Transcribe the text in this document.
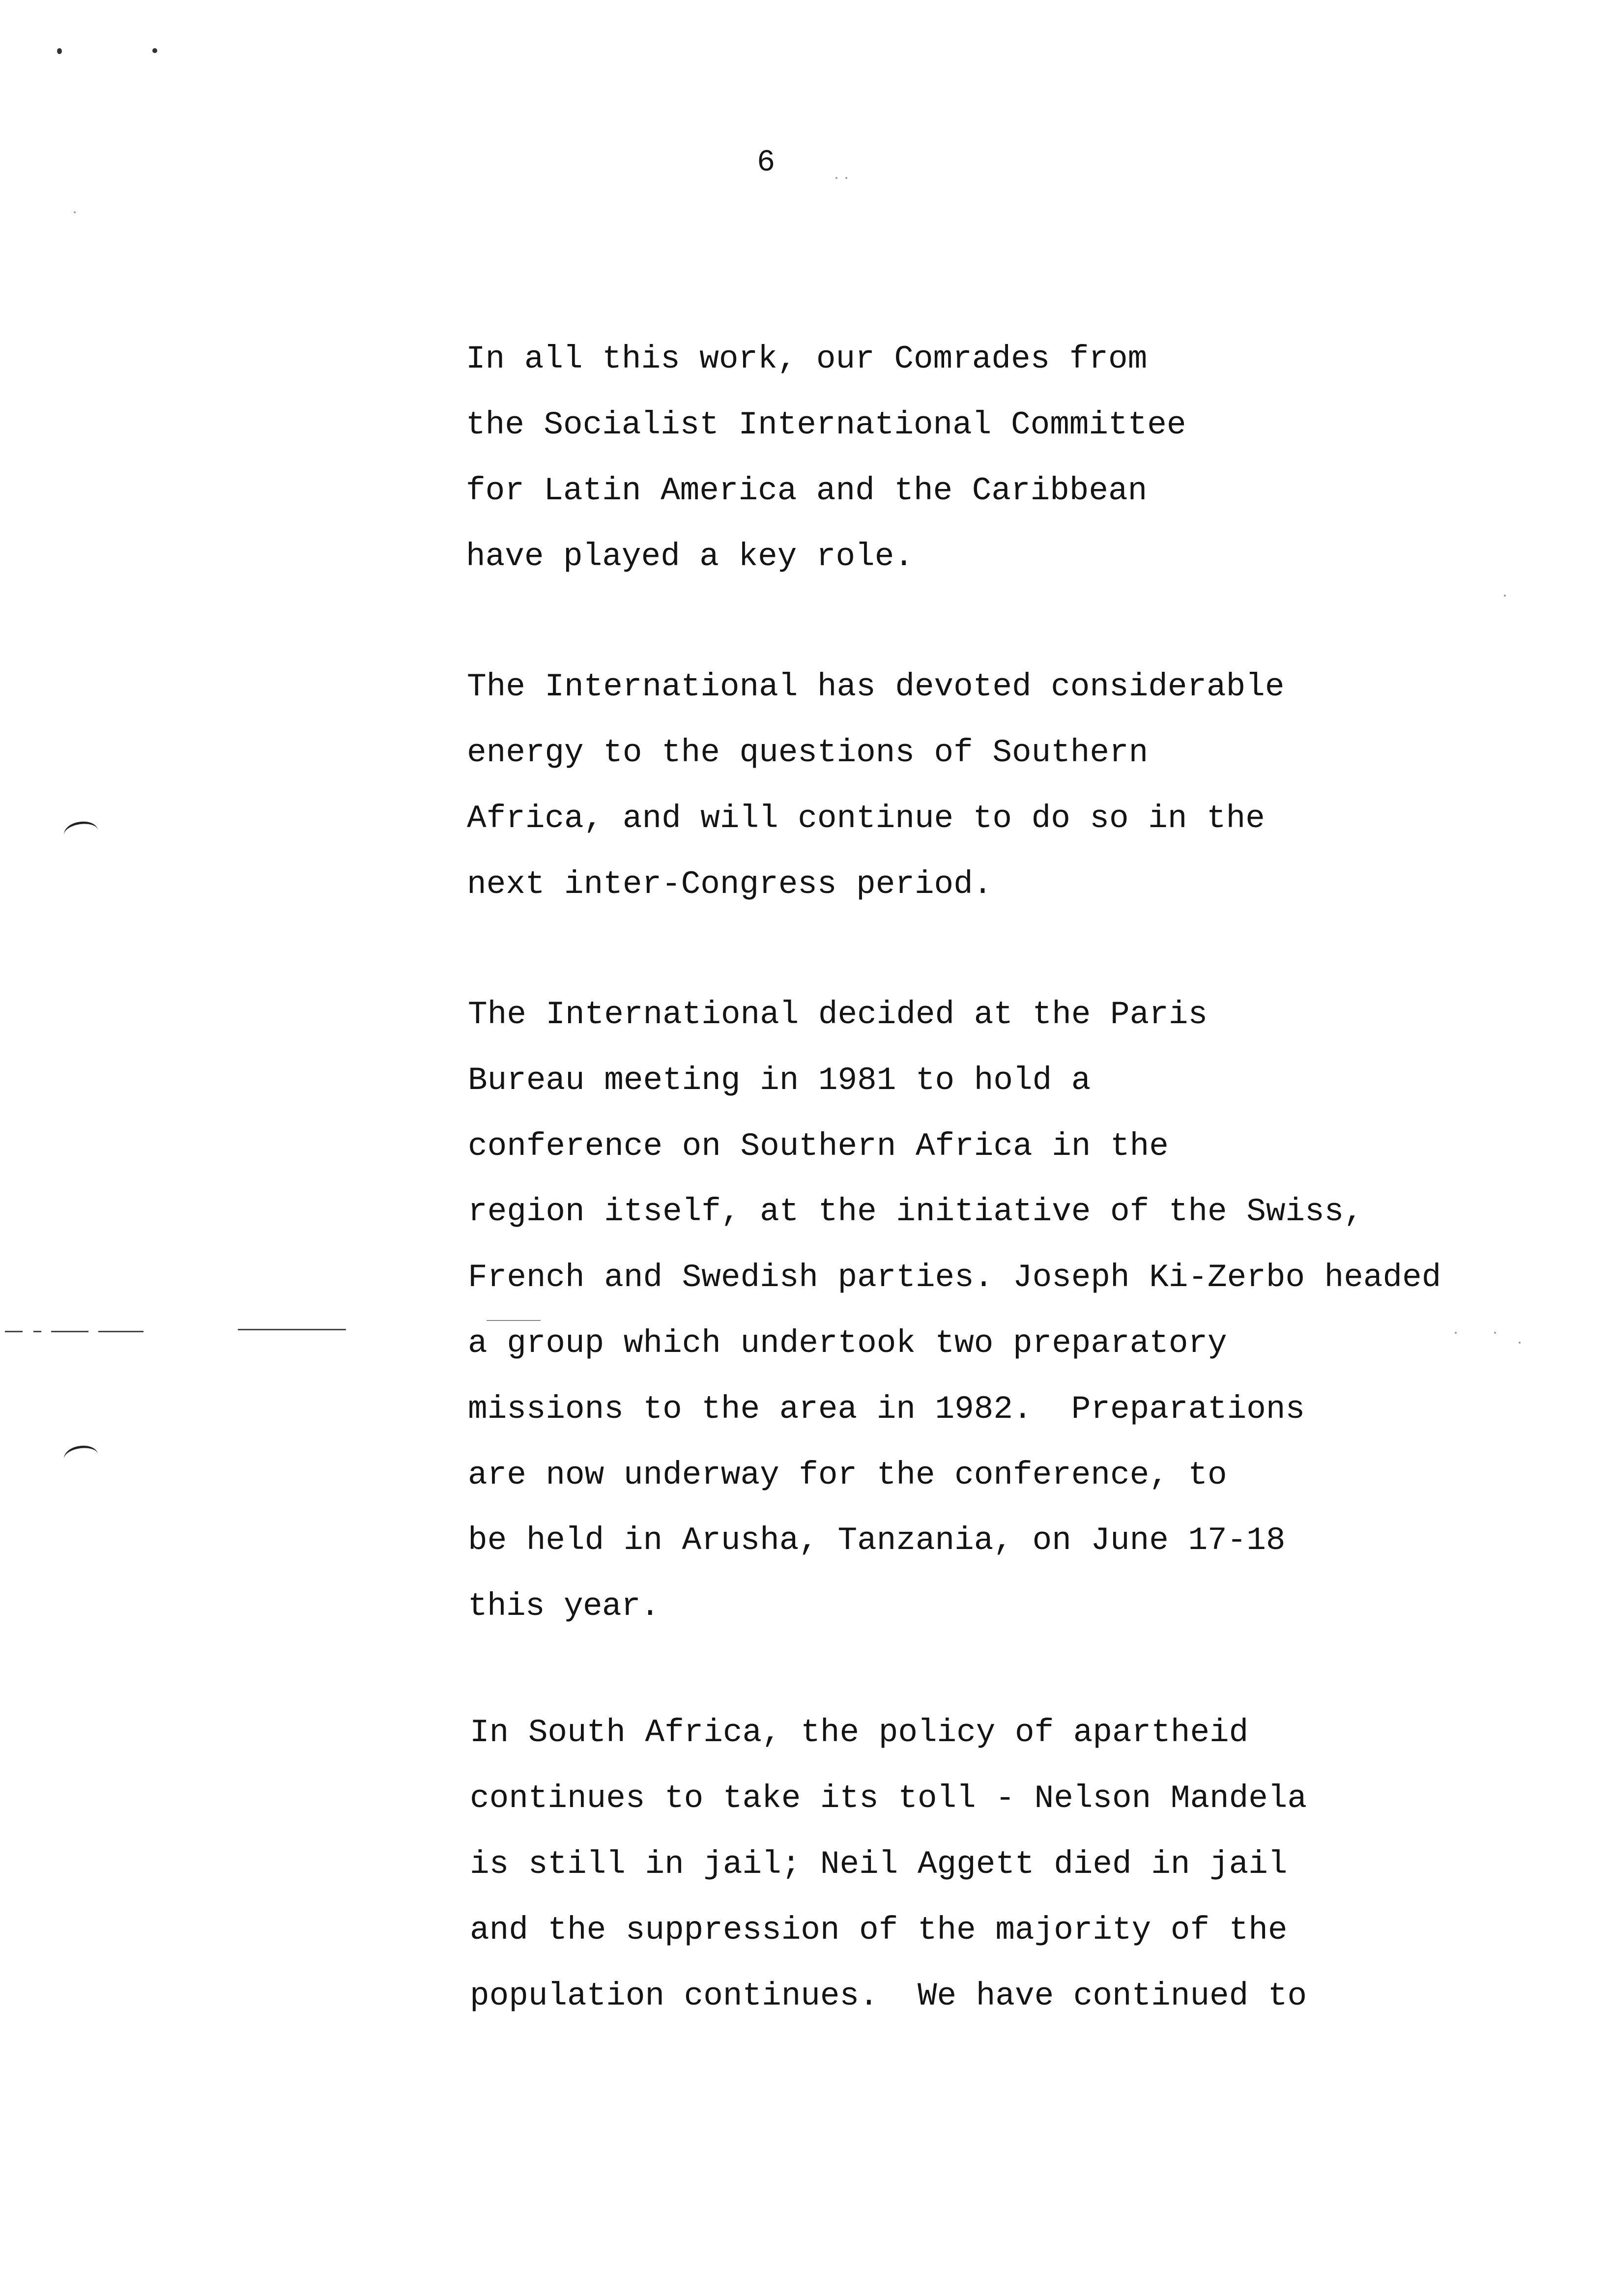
6
In all this work, our Comrades from
the Socialist International Committee
for Latin America and the Caribbean
have played a key role.
The International has devoted considerable
energy to the questions of Southern
Africa, and will continue to do so in the
next inter-Congress period.
The International decided at the Paris
Bureau meeting in 1981 to hold a
conference on Southern Africa in the
region itself, at the initiative of the Swiss,
French and Swedish parties. Joseph Ki-Zerbo headed
a group which undertook two preparatory
missions to the area in 1982.  Preparations
are now underway for the conference, to
be held in Arusha, Tanzania, on June 17-18
this year.
In South Africa, the policy of apartheid
continues to take its toll - Nelson Mandela
is still in jail; Neil Aggett died in jail
and the suppression of the majority of the
population continues.  We have continued to
